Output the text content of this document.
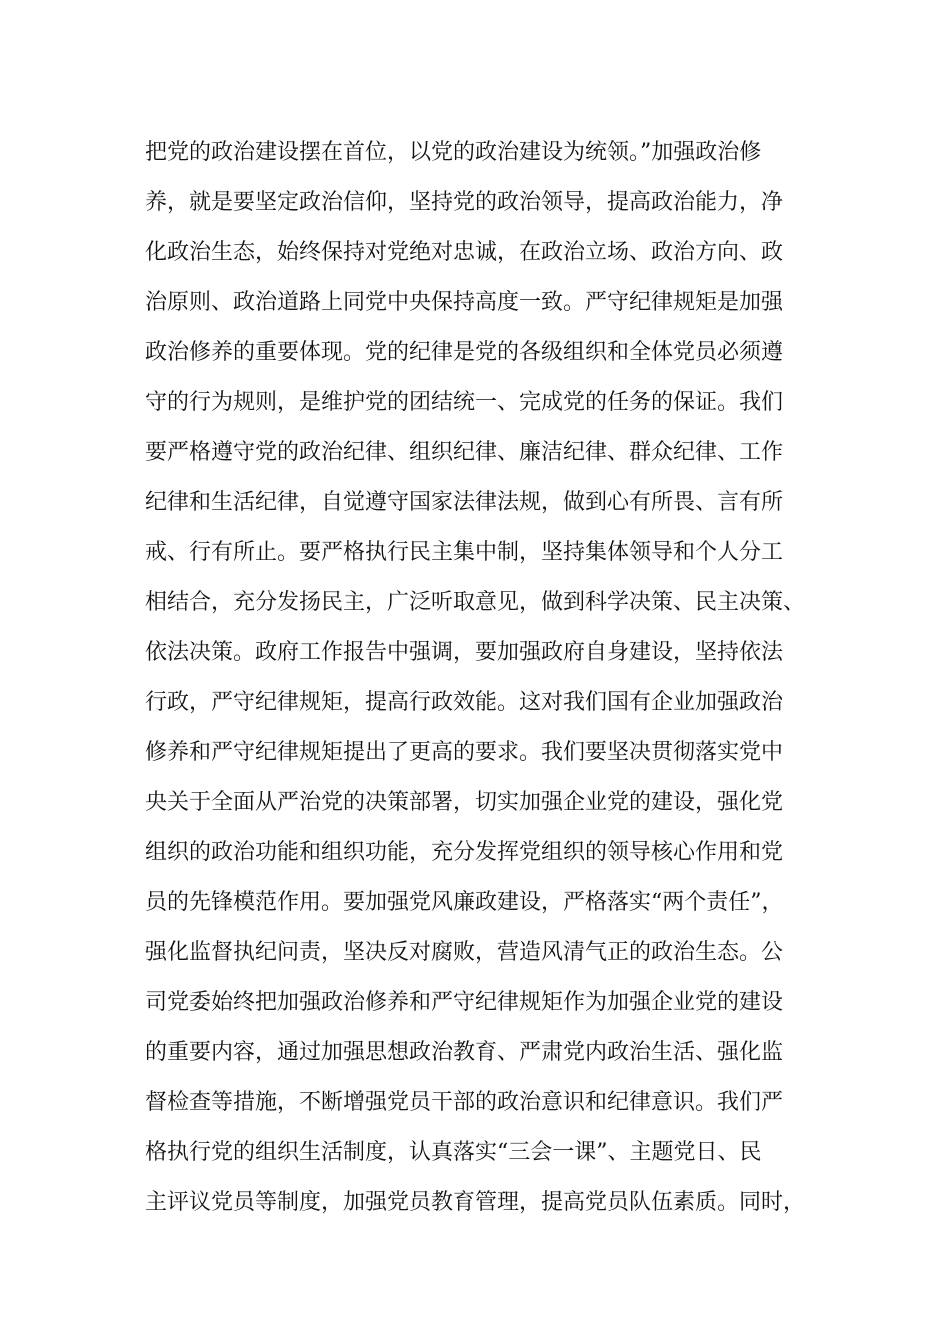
把党的政治建设摆在首位，以党的政治建设为统领。”加强政治修
养，就是要坚定政治信仰，坚持党的政治领导，提高政治能力，净
化政治生态，始终保持对党绝对忠诚，在政治立场、政治方向、政
治原则、政治道路上同党中央保持高度一致。严守纪律规矩是加强
政治修养的重要体现。党的纪律是党的各级组织和全体党员必须遵
守的行为规则，是维护党的团结统一、完成党的任务的保证。我们
要严格遵守党的政治纪律、组织纪律、廉洁纪律、群众纪律、工作
纪律和生活纪律，自觉遵守国家法律法规，做到心有所畏、言有所
戒、行有所止。要严格执行民主集中制，坚持集体领导和个人分工
相结合，充分发扬民主，广泛听取意见，做到科学决策、民主决策、
依法决策。政府工作报告中强调，要加强政府自身建设，坚持依法
行政，严守纪律规矩，提高行政效能。这对我们国有企业加强政治
修养和严守纪律规矩提出了更高的要求。我们要坚决贯彻落实党中
央关于全面从严治党的决策部署，切实加强企业党的建设，强化党
组织的政治功能和组织功能，充分发挥党组织的领导核心作用和党
员的先锋模范作用。要加强党风廉政建设，严格落实“两个责任”，
强化监督执纪问责，坚决反对腐败，营造风清气正的政治生态。公
司党委始终把加强政治修养和严守纪律规矩作为加强企业党的建设
的重要内容，通过加强思想政治教育、严肃党内政治生活、强化监
督检查等措施，不断增强党员干部的政治意识和纪律意识。我们严
格执行党的组织生活制度，认真落实“三会一课”、主题党日、民
主评议党员等制度，加强党员教育管理，提高党员队伍素质。同时，
